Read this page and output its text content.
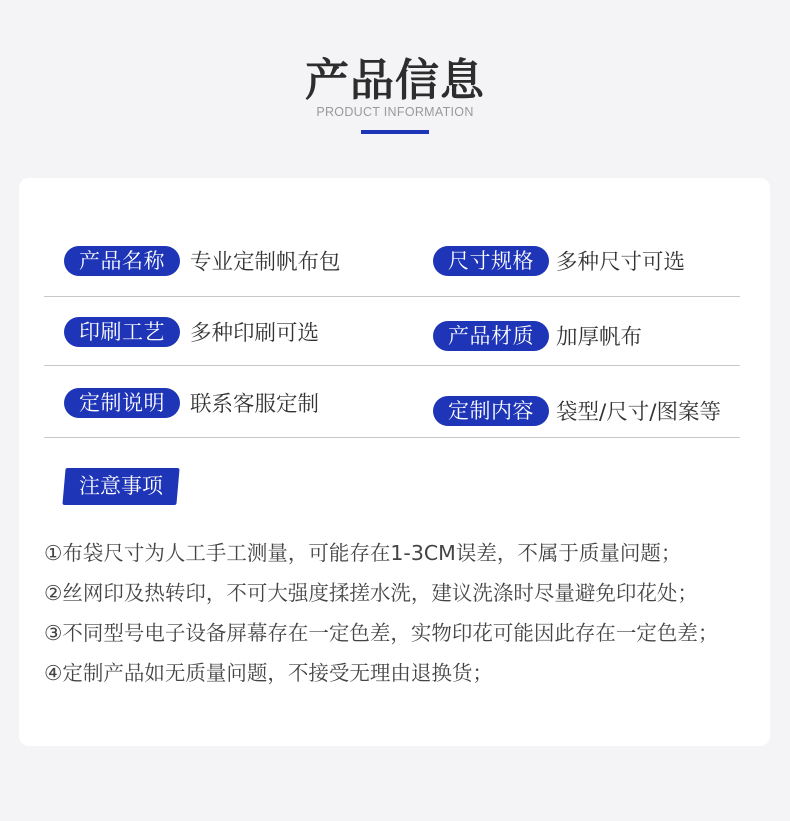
产品信息
PRODUCT INFORMATION
产品名称	专业定制帆布包	尺寸规格	多种尺寸可选
印刷工艺	多种印刷可选	产品材质	加厚帆布
定制说明	联系客服定制	定制内容	袋型/尺寸/图案等
注意事项
①布袋尺寸为人工手工测量，可能存在1-3CM误差，不属于质量问题；
②丝网印及热转印，不可大强度揉搓水洗，建议洗涤时尽量避免印花处；
③不同型号电子设备屏幕存在一定色差，实物印花可能因此存在一定色差；
④定制产品如无质量问题，不接受无理由退换货；
